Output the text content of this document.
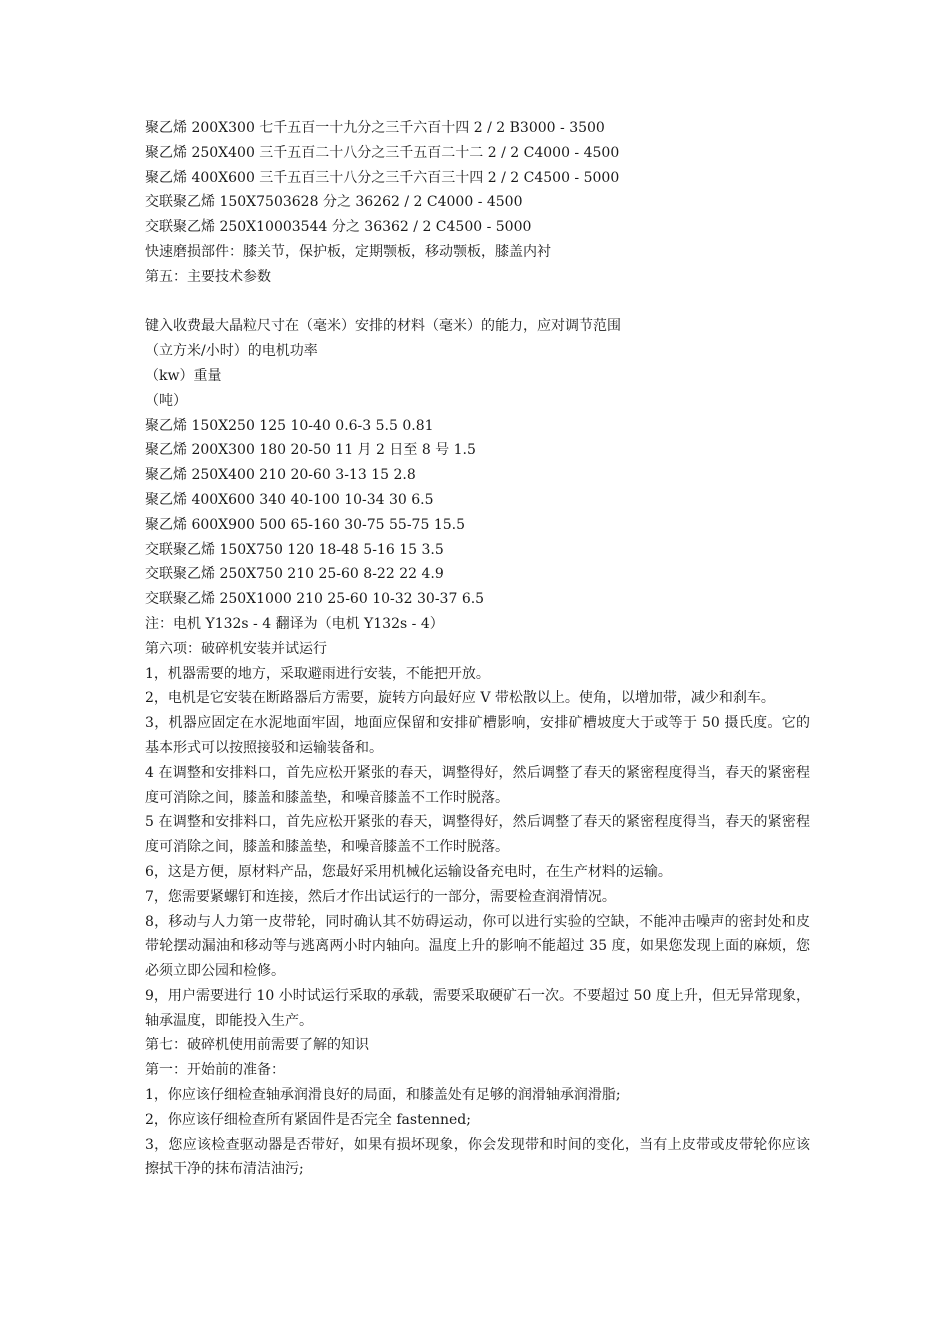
聚乙烯 200X300 七千五百一十九分之三千六百十四 2 / 2 B3000 - 3500
聚乙烯 250X400 三千五百二十八分之三千五百二十二 2 / 2 C4000 - 4500
聚乙烯 400X600 三千五百三十八分之三千六百三十四 2 / 2 C4500 - 5000
交联聚乙烯 150X7503628 分之 36262 / 2 C4000 - 4500
交联聚乙烯 250X10003544 分之 36362 / 2 C4500 - 5000
快速磨损部件：膝关节，保护板，定期颚板，移动颚板，膝盖内衬
第五：主要技术参数
键入收费最大晶粒尺寸在（毫米）安排的材料（毫米）的能力，应对调节范围
（立方米/小时）的电机功率
（kw）重量
（吨）
聚乙烯 150X250 125 10-40 0.6-3 5.5 0.81
聚乙烯 200X300 180 20-50 11 月 2 日至 8 号 1.5
聚乙烯 250X400 210 20-60 3-13 15 2.8
聚乙烯 400X600 340 40-100 10-34 30 6.5
聚乙烯 600X900 500 65-160 30-75 55-75 15.5
交联聚乙烯 150X750 120 18-48 5-16 15 3.5
交联聚乙烯 250X750 210 25-60 8-22 22 4.9
交联聚乙烯 250X1000 210 25-60 10-32 30-37 6.5
注：电机 Y132s - 4 翻译为（电机 Y132s - 4）
第六项：破碎机安装并试运行
1，机器需要的地方，采取避雨进行安装，不能把开放。
2，电机是它安装在断路器后方需要，旋转方向最好应 V 带松散以上。使角，以增加带，减少和刹车。
3，机器应固定在水泥地面牢固，地面应保留和安排矿槽影响，安排矿槽坡度大于或等于 50 摄氏度。它的基本形式可以按照接驳和运输装备和。
4 在调整和安排料口，首先应松开紧张的春天，调整得好，然后调整了春天的紧密程度得当，春天的紧密程度可消除之间，膝盖和膝盖垫，和噪音膝盖不工作时脱落。
5 在调整和安排料口，首先应松开紧张的春天，调整得好，然后调整了春天的紧密程度得当，春天的紧密程度可消除之间，膝盖和膝盖垫，和噪音膝盖不工作时脱落。
6，这是方便，原材料产品，您最好采用机械化运输设备充电时，在生产材料的运输。
7，您需要紧螺钉和连接，然后才作出试运行的一部分，需要检查润滑情况。
8，移动与人力第一皮带轮，同时确认其不妨碍运动，你可以进行实验的空缺，不能冲击噪声的密封处和皮带轮摆动漏油和移动等与逃离两小时内轴向。温度上升的影响不能超过 35 度，如果您发现上面的麻烦，您必须立即公园和检修。
9，用户需要进行 10 小时试运行采取的承载，需要采取硬矿石一次。不要超过 50 度上升，但无异常现象，轴承温度，即能投入生产。
第七：破碎机使用前需要了解的知识
第一：开始前的准备：
1，你应该仔细检查轴承润滑良好的局面，和膝盖处有足够的润滑轴承润滑脂;
2，你应该仔细检查所有紧固件是否完全 fastenned;
3，您应该检查驱动器是否带好，如果有损坏现象，你会发现带和时间的变化，当有上皮带或皮带轮你应该擦拭干净的抹布清洁油污;
